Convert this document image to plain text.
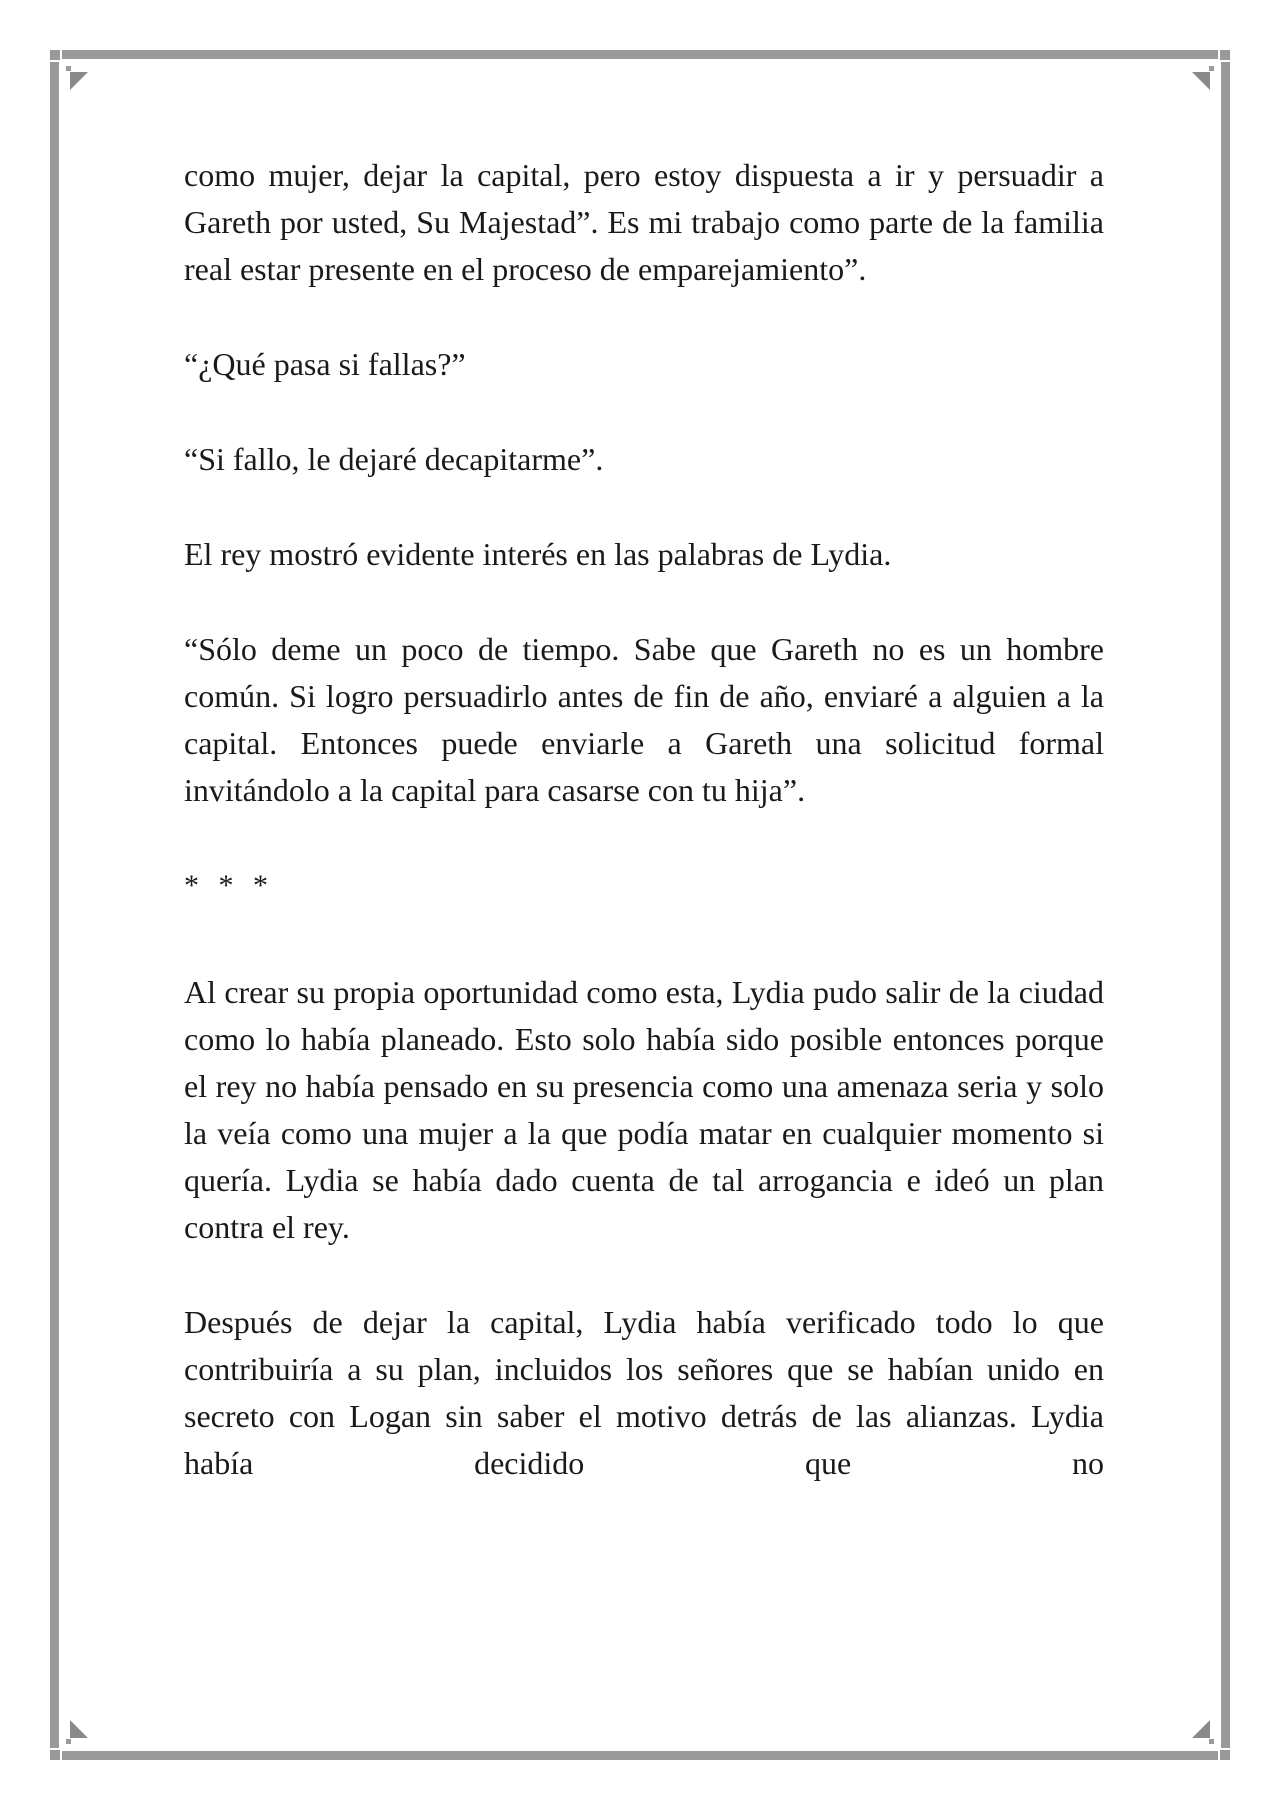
como mujer, dejar la capital, pero estoy dispuesta a ir y persuadir a Gareth por usted, Su Majestad”. Es mi trabajo como parte de la familia real estar presente en el proceso de emparejamiento”.

“¿Qué pasa si fallas?”

“Si fallo, le dejaré decapitarme”.

El rey mostró evidente interés en las palabras de Lydia.

“Sólo deme un poco de tiempo. Sabe que Gareth no es un hombre común. Si logro persuadirlo antes de fin de año, enviaré a alguien a la capital. Entonces puede enviarle a Gareth una solicitud formal invitándolo a la capital para casarse con tu hija”.

* * *

Al crear su propia oportunidad como esta, Lydia pudo salir de la ciudad como lo había planeado. Esto solo había sido posible entonces porque el rey no había pensado en su presencia como una amenaza seria y solo la veía como una mujer a la que podía matar en cualquier momento si quería. Lydia se había dado cuenta de tal arrogancia e ideó un plan contra el rey.

Después de dejar la capital, Lydia había verificado todo lo que contribuiría a su plan, incluidos los señores que se habían unido en secreto con Logan sin saber el motivo detrás de las alianzas. Lydia había decidido que no
